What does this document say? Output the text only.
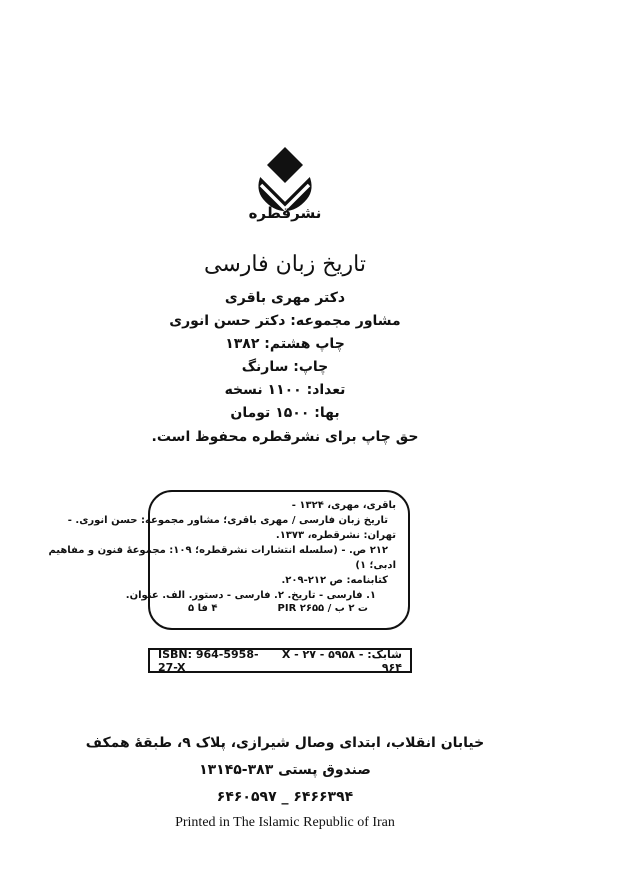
نشرقطره
تاریخ زبان فارسی
دکتر مهری باقری
مشاور مجموعه: دکتر حسن انوری
چاپ هشتم: ۱۳۸۲
چاپ: سارنگ
تعداد: ۱۱۰۰ نسخه
بها: ۱۵۰۰ تومان
حق چاپ برای نشرقطره محفوظ است.
باقری، مهری، ۱۳۲۴ -
تاریخ زبان فارسی / مهری باقری؛ مشاور مجموعه: حسن انوری. -
تهران: نشرقطره، ۱۳۷۳.
۲۱۲ ص. - (سلسله انتشارات نشرقطره؛ ۱۰۹: مجموعهٔ فنون و مفاهیم
ادبی؛ ۱)
کتابنامه: ص ۲۱۲-۲۰۹.
۱. فارسی - تاریخ. ۲. فارسی - دستور. الف. عنوان.
ت ۲ ب / PIR ۲۶۵۵
۴ فا ۵
ISBN: 964-5958-27-X
شابک: X - ۲۷ - ۵۹۵۸ - ۹۶۴
خیابان انقلاب، ابتدای وصال شیرازی، پلاک ۹، طبقهٔ همکف
صندوق پستی ۳۸۳-۱۳۱۴۵
۶۴۶۶۳۹۴ _ ۶۴۶۰۵۹۷
Printed in The Islamic Republic of Iran
